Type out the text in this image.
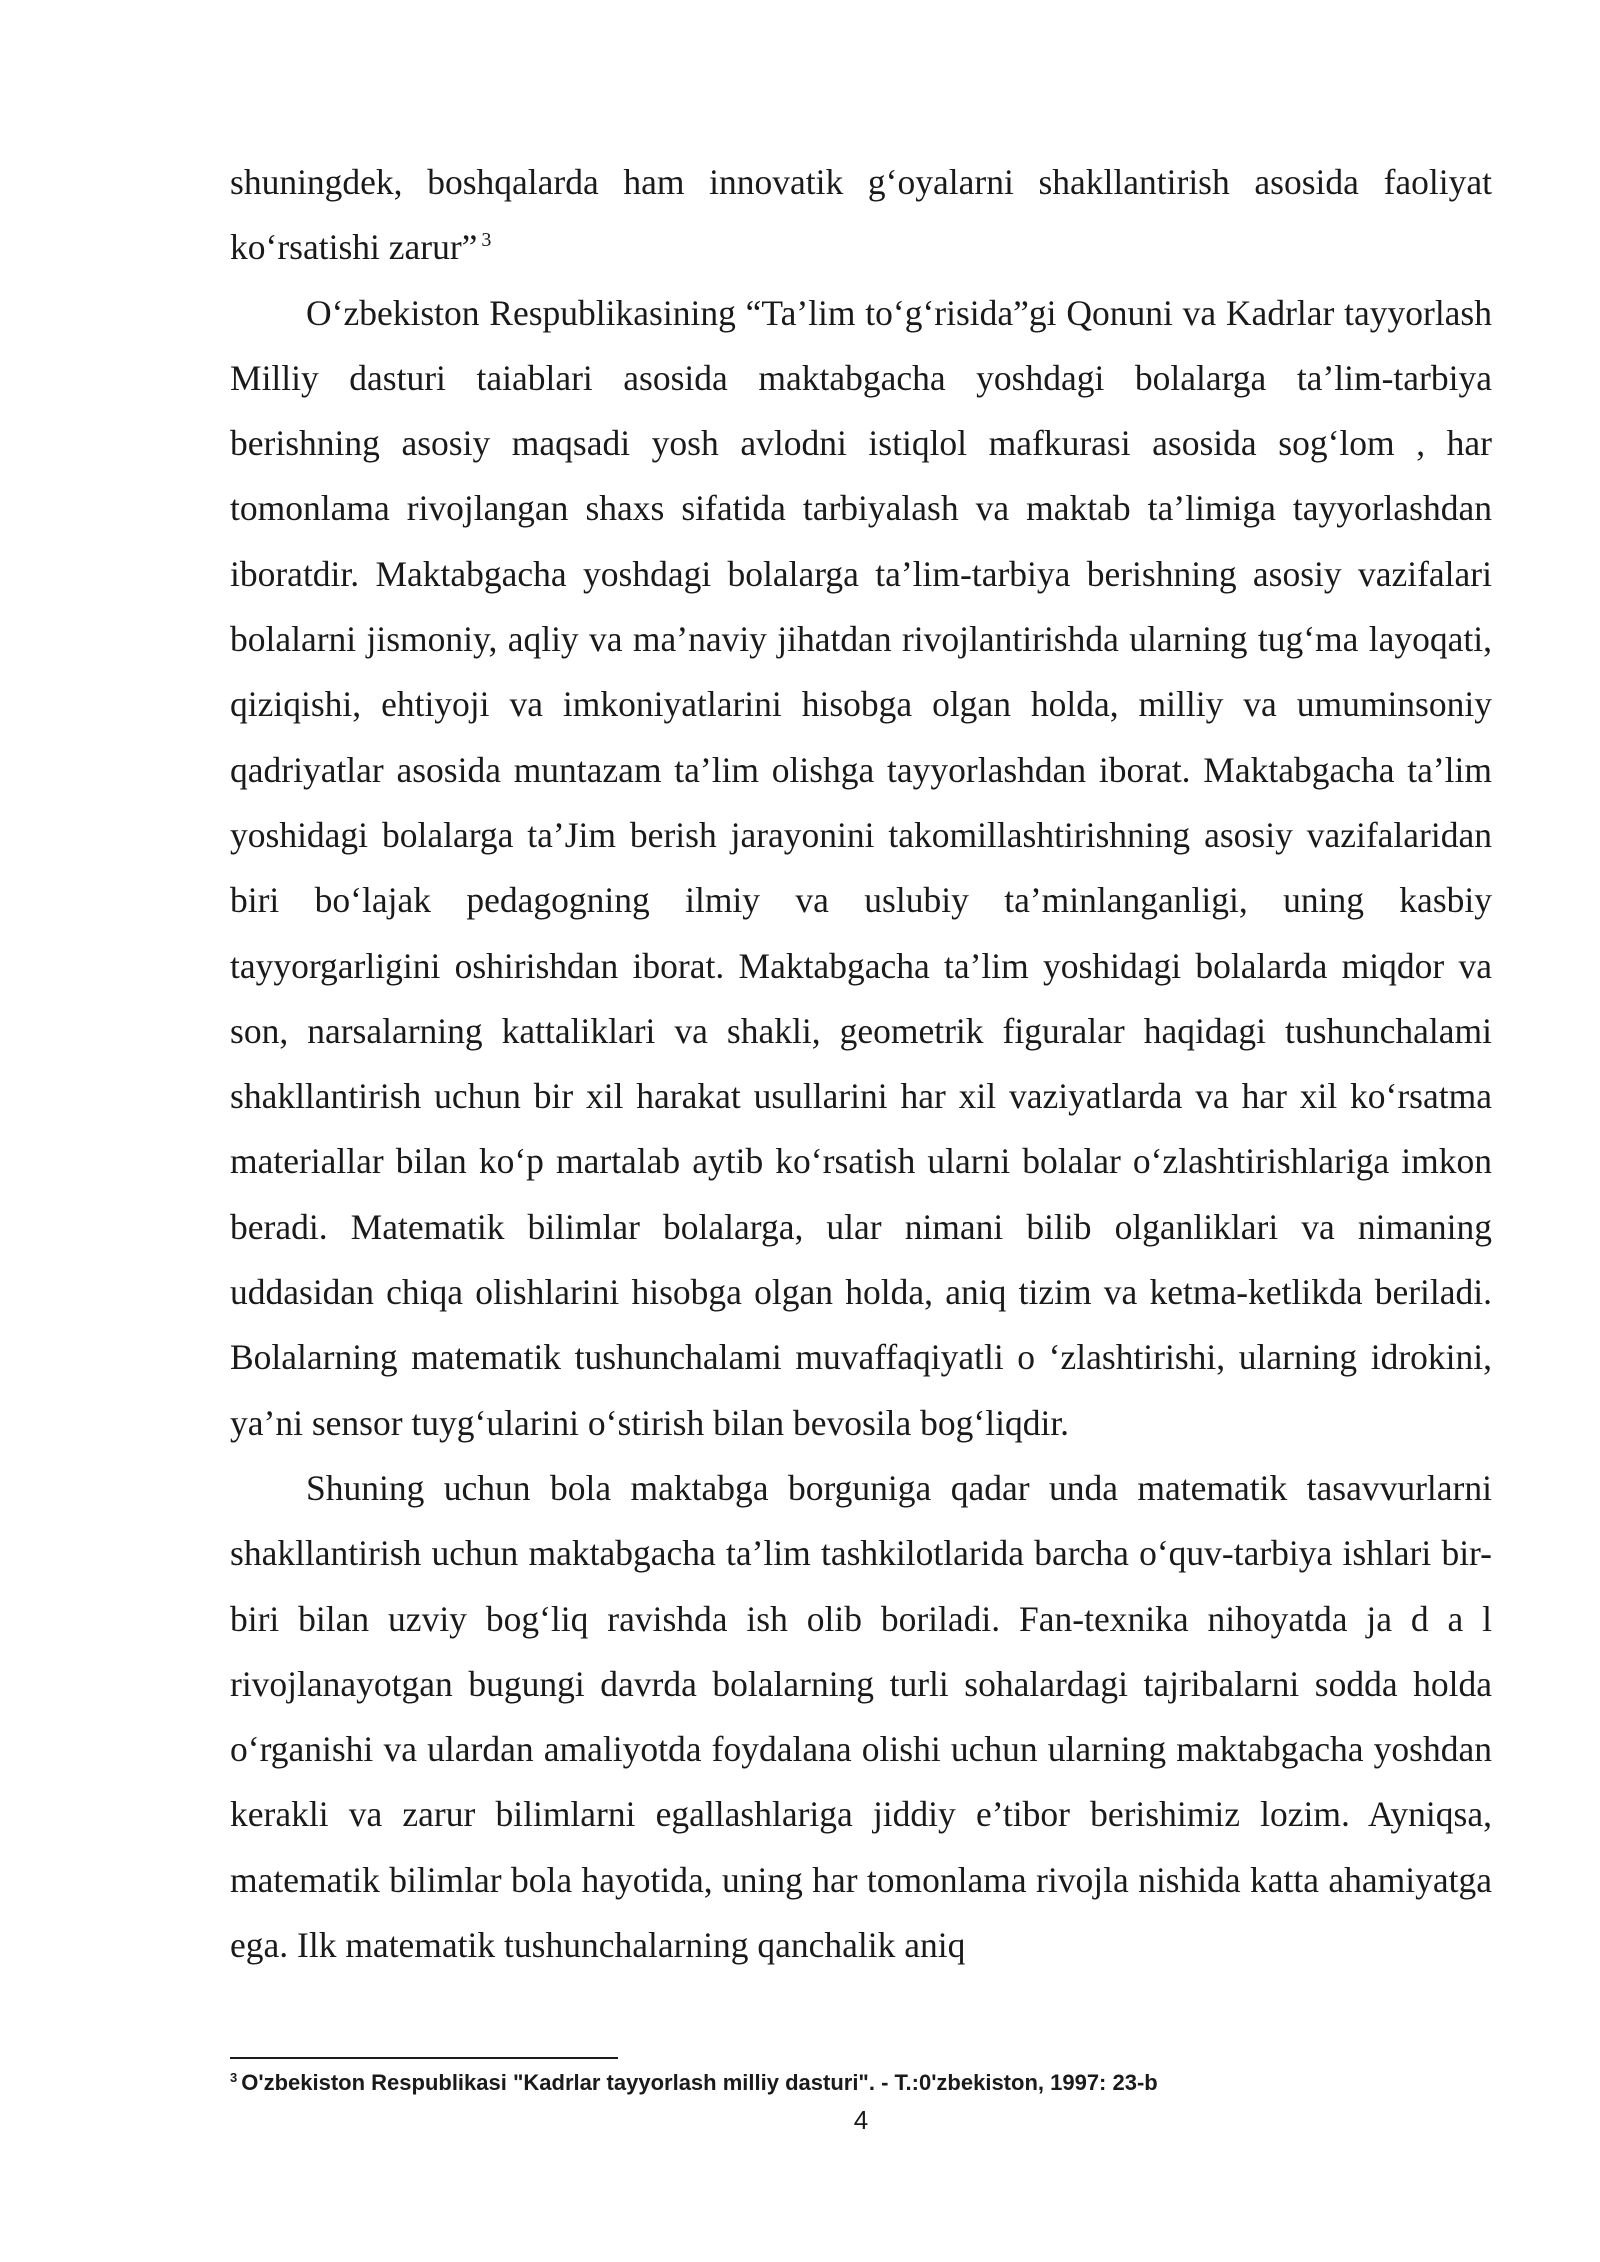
shuningdek, boshqalarda ham innovatik g‘oyalarni shakllantirish asosida faoliyat ko‘rsatishi zarur” $^3$

O‘zbekiston Respublikasining “Ta’lim to‘g‘risida”gi Qonuni va Kadrlar tayyorlash Milliy dasturi taiablari asosida maktabgacha yoshdagi bolalarga ta’lim-tarbiya berishning asosiy maqsadi yosh avlodni istiqlol mafkurasi asosida sog‘lom , har tomonlama rivojlangan shaxs sifatida tarbiyalash va maktab ta’limiga tayyorlashdan iboratdir. Maktabgacha yoshdagi bolalarga ta’lim-tarbiya berishning asosiy vazifalari bolalarni jismoniy, aqliy va ma’naviy jihatdan rivojlantirishda ularning tug‘ma layoqati, qiziqishi, ehtiyoji va imkoniyatlarini hisobga olgan holda, milliy va umuminsoniy qadriyatlar asosida muntazam ta’lim olishga tayyorlashdan iborat. Maktabgacha ta’lim yoshidagi bolalarga ta’Jim berish jarayonini takomillashtirishning asosiy vazifalaridan biri bo‘lajak pedagogning ilmiy va uslubiy ta’minlanganligi, uning kasbiy tayyorgarligini oshirishdan iborat. Maktabgacha ta’lim yoshidagi bolalarda miqdor va son, narsalarning kattaliklari va shakli, geometrik figuralar haqidagi tushunchalami shakllantirish uchun bir xil harakat usullarini har xil vaziyatlarda va har xil ko‘rsatma materiallar bilan ko‘p martalab aytib ko‘rsatish ularni bolalar o‘zlashtirishlariga imkon beradi. Matematik bilimlar bolalarga, ular nimani bilib olganliklari va nimaning uddasidan chiqa olishlarini hisobga olgan holda, aniq tizim va ketma-ketlikda beriladi. Bolalarning matematik tushunchalami muvaffaqiyatli o ‘zlashtirishi, ularning idrokini, ya’ni sensor tuyg‘ularini o‘stirish bilan bevosila bog‘liqdir.

Shuning uchun bola maktabga borguniga qadar unda matematik tasavvurlarni shakllantirish uchun maktabgacha ta’lim tashkilotlarida barcha o‘quv-tarbiya ishlari bir-biri bilan uzviy bog‘liq ravishda ish olib boriladi. Fan-texnika nihoyatda ja d a l rivojlanayotgan bugungi davrda bolalarning turli sohalardagi tajribalarni sodda holda o‘rganishi va ulardan amaliyotda foydalana olishi uchun ularning maktabgacha yoshdan kerakli va zarur bilimlarni egallashlariga jiddiy e’tibor berishimiz lozim. Ayniqsa, matematik bilimlar bola hayotida, uning har tomonlama rivojla nishida katta ahamiyatga ega. Ilk matematik tushunchalarning qanchalik aniq

$^3$ O'zbekiston Respublikasi "Kadrlar tayyorlash milliy dasturi". - T.:0'zbekiston, 1997: 23-b
4
